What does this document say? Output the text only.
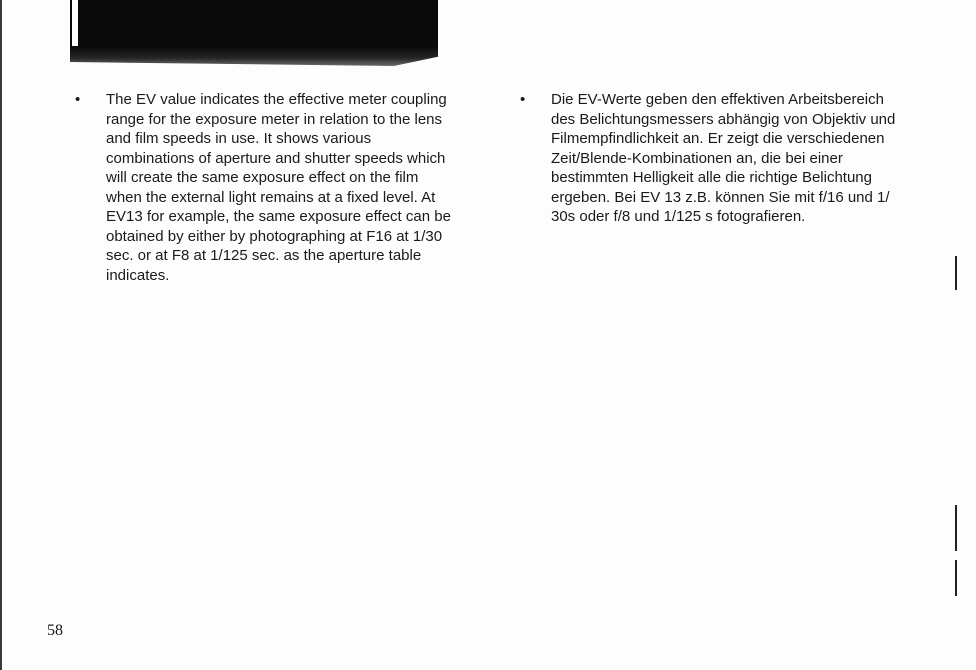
•	The EV value indicates the effective meter coupling
range for the exposure meter in relation to the lens
and film speeds in use. It shows various
combinations of aperture and shutter speeds which
will create the same exposure effect on the film
when the external light remains at a fixed level. At
EV13 for example, the same exposure effect can be
obtained by either by photographing at F16 at 1/30
sec. or at F8 at 1/125 sec. as the aperture table
indicates.
•	Die EV-Werte geben den effektiven Arbeitsbereich
des Belichtungsmessers abhängig von Objektiv und
Filmempfindlichkeit an. Er zeigt die verschiedenen
Zeit/Blende-Kombinationen an, die bei einer
bestimmten Helligkeit alle die richtige Belichtung
ergeben. Bei EV 13 z.B. können Sie mit f/16 und 1/
30s oder f/8 und 1/125 s fotografieren.
58
